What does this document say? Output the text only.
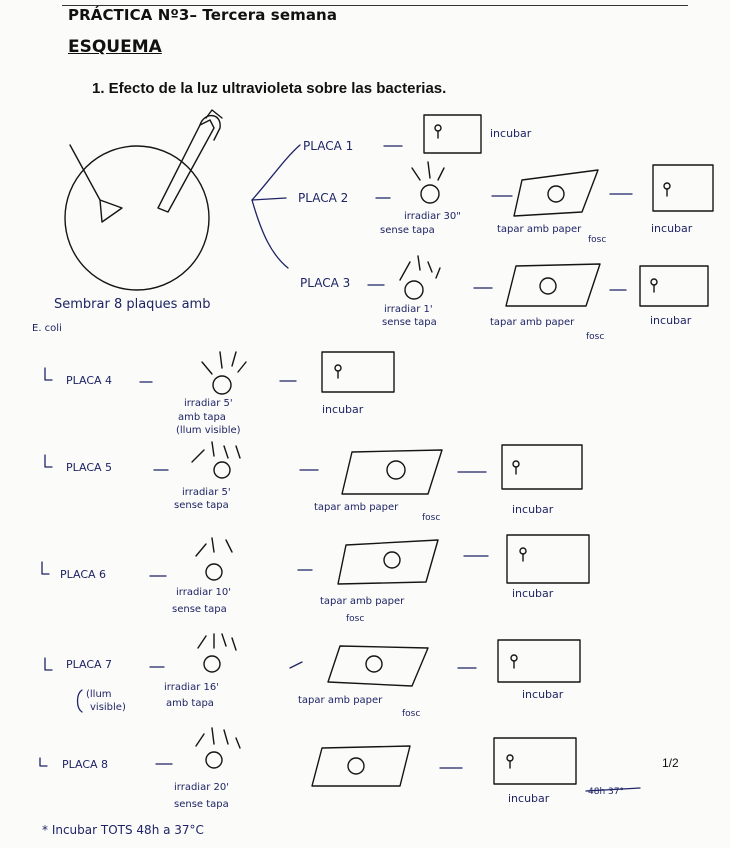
PRÁCTICA Nº3– Tercera semana
ESQUEMA
1. Efecto de la luz ultravioleta sobre las bacterias.
1/2
Sembrar 8 plaques amb
E. coli
PLACA 1
incubar
PLACA 2
irradiar 30"
sense tapa	tapar amb paper
fosc
incubar
PLACA 3
irradiar 1'
sense tapa	tapar amb paper
fosc
incubar
PLACA 4
irradiar 5'
amb tapa
(llum visible)
incubar
PLACA 5
irradiar 5'
sense tapa	tapar amb paper
fosc
incubar
PLACA 6
irradiar 10'
sense tapa
tapar amb paper
fosc
incubar
PLACA 7
(llum
visible)
irradiar 16'
amb tapa	tapar amb paper
fosc
incubar
PLACA 8
irradiar 20'
sense tapa	incubar	48h 37°
* Incubar TOTS 48h a 37°C
